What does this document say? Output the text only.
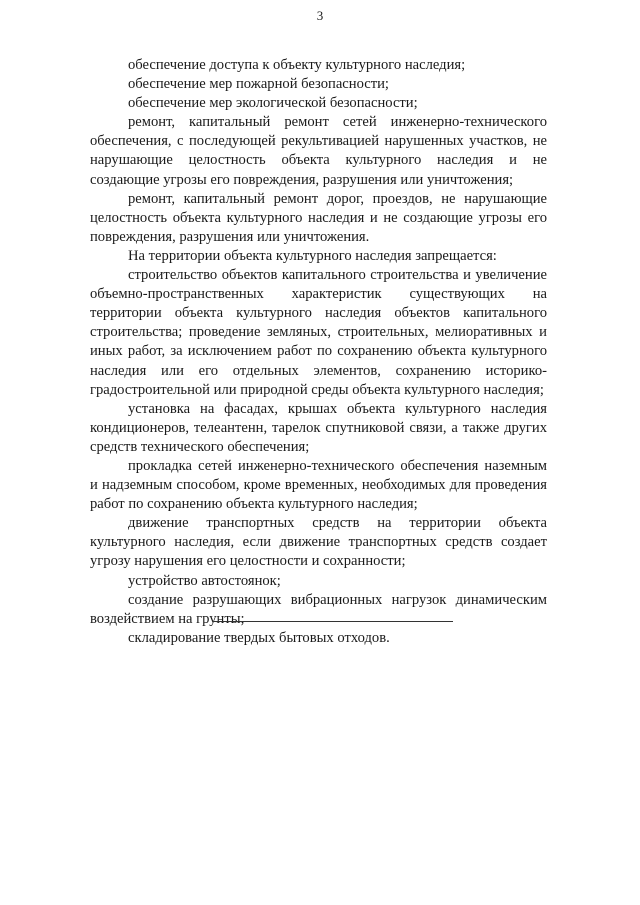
3

обеспечение доступа к объекту культурного наследия;

обеспечение мер пожарной безопасности;

обеспечение мер экологической безопасности;

ремонт, капитальный ремонт сетей инженерно-технического обеспечения, с последующей рекультивацией нарушенных участков, не нарушающие целостность объекта культурного наследия и не создающие угрозы его повреждения, разрушения или уничтожения;

ремонт, капитальный ремонт дорог, проездов, не нарушающие целостность объекта культурного наследия и не создающие угрозы его повреждения, разрушения или уничтожения.

На территории объекта культурного наследия запрещается:

строительство объектов капитального строительства и увеличение объемно-пространственных характеристик существующих на территории объекта культурного наследия объектов капитального строительства; проведение земляных, строительных, мелиоративных и иных работ, за исключением работ по сохранению объекта культурного наследия или его отдельных элементов, сохранению историко-градостроительной или природной среды объекта культурного наследия;

установка на фасадах, крышах объекта культурного наследия кондиционеров, телеантенн, тарелок спутниковой связи, а также других средств технического обеспечения;

прокладка сетей инженерно-технического обеспечения наземным и надземным способом, кроме временных, необходимых для проведения работ по сохранению объекта культурного наследия;

движение транспортных средств на территории объекта культурного наследия, если движение транспортных средств создает угрозу нарушения его целостности и сохранности;

устройство автостоянок;

создание разрушающих вибрационных нагрузок динамическим воздействием на грунты;

складирование твердых бытовых отходов.
